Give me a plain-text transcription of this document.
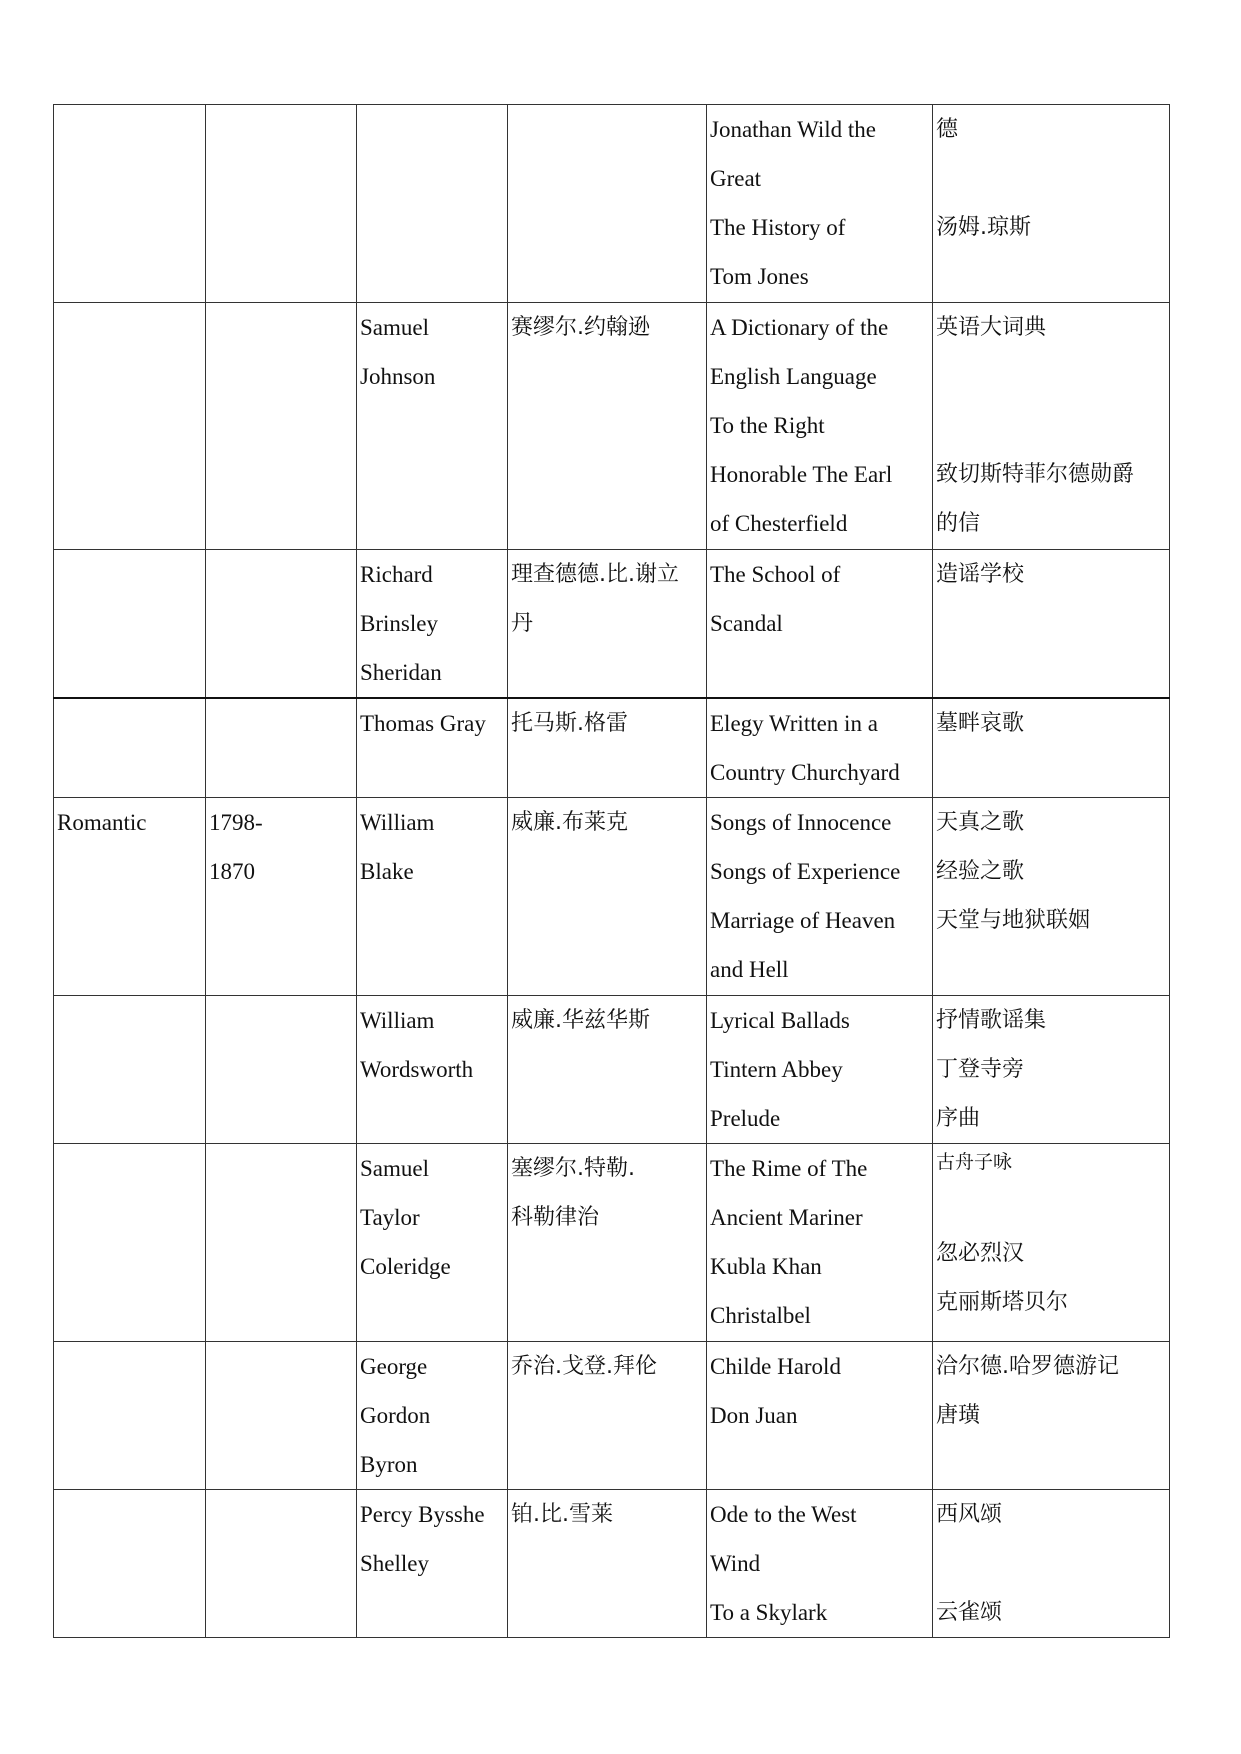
				Jonathan Wild the
Great
The History of
Tom Jones	德
汤姆.琼斯

		Samuel
Johnson	赛缪尔.约翰逊	A Dictionary of the
English Language
To the Right
Honorable The Earl
of Chesterfield	英语大词典
致切斯特菲尔德勋爵
的信

		Richard
Brinsley
Sheridan	理查德德.比.谢立
丹	The School of
Scandal	造谣学校

		Thomas Gray	托马斯.格雷	Elegy Written in a
Country Churchyard	墓畔哀歌

Romantic	1798-
1870	William
Blake	威廉.布莱克	Songs of Innocence
Songs of Experience
Marriage of Heaven
and Hell	天真之歌
经验之歌
天堂与地狱联姻

		William
Wordsworth	威廉.华兹华斯	Lyrical Ballads
Tintern Abbey
Prelude	抒情歌谣集
丁登寺旁
序曲

		Samuel
Taylor
Coleridge	塞缪尔.特勒.
科勒律治	The Rime of The
Ancient Mariner
Kubla Khan
Christalbel	古舟子咏
忽必烈汉
克丽斯塔贝尔

		George
Gordon
Byron	乔治.戈登.拜伦	Childe Harold
Don Juan	洽尔德.哈罗德游记
唐璜

		Percy Bysshe
Shelley	铂.比.雪莱	Ode to the West
Wind
To a Skylark	西风颂
云雀颂
